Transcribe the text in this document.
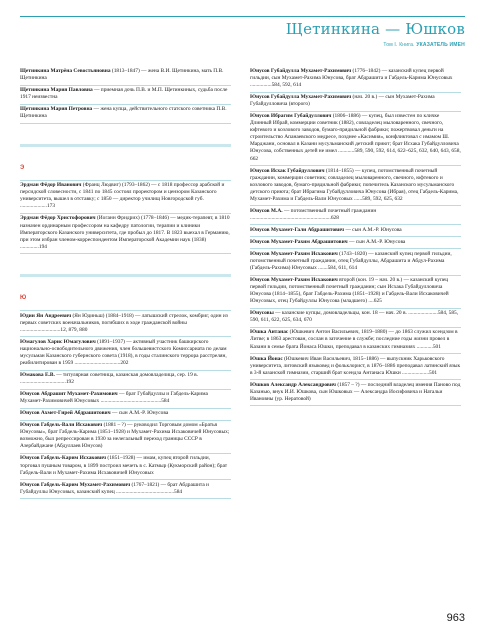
Щетинкина — Юшков
Том I. Книга. УКАЗАТЕЛЬ ИМЕН
Щетинкина Матрёна Севостьяновна (1813–1847) — жена В.И. Щетинкина, мать П.В. Щетинкина
Щетинкина Мария Павловна — приемная дочь П.В. и М.П. Щетинкиных, судьба после 1917 неизвестна
Щетинкина Мария Петровна — жена купца, действительного статского советника П.В. Щетинкина
Э
Эрдман Фёдор Иванович (Франц Людвиг) (1793–1862) — с 1818 профессор арабской и персидской словесности, с 1841 по 1845 состоял проректором и цензором Казанского университета, вышел в отставку; с 1850 — директор училищ Новгородской губ. ....................173
Эрдман Фёдор Христофорович (Иоганн Фридрих) (1778–1846) — медик-терапевт, в 1810 назначен ординарным профессором на кафедру патологии, терапии и клиники Императорского Казанского университета, где пробыл до 1817. В 1823 выехал в Германию, при этом избран членом-корреспондентом Императорской Академии наук (1838) ..............194
Ю
Юдин Ян Андреевич (Ян Юдиньш) (1884–1918) — латышский стрелок, комбриг, один из первых советских военачальников, погибших в ходе гражданской войны ..............................12, 879, 880
Юмагулов Харис Юмагулович (1891–1937) — активный участник башкирского национально-освободительного движения, член большевистского Комиссариата по делам мусульман Казанского губернского совета (1918), в годы сталинского террора расстрелян, реабилитирован в 1959 ..................................202
Юмакова Е.В. — титулярная советница, казанская домовладелица, сер. 19 в. ..................................192
Юнусов Абдрашит Мухамет-Рахимович — брат Губайдуллы и Габдель-Карима Мухамет-Рахимовичей Юнусовых .............................................584
Юнусов Ахмет-Гирей Абдрашитович — сын А.М.-Р. Юнусова
Юнусов Габдель-Вали Исхакович (1881 – ?) — руководил Торговым домом «Братья Юнусовы», брат Габдель-Карима (1851–1928) и Мухамет-Рахима Исхаковичей Юнусовых; возможно, был репрессирован в 1930 за нелегальный переход границы СССР в Азербайджане (Абдуллаев Юнусов)
Юнусов Габдель-Карим Исхакович (1851–1928) — имам, купец второй гильдии, торговал пушным товаром, в 1899 построил мечеть в с. Катмыр (Кукморский район); брат Габдель-Вали и Мухамет-Рахима Исхаковичей Юнусовых
Юнусов Габдель-Карим Мухамет-Рахимович (1767–1821) — брат Абдрашита и Губайдуллы Юнусовых, казанский купец ...........................................584
Юнусов Губайдулла Мухамет-Рахимович (1776–1842) — казанский купец первой гильдии, сын Мухамет-Рахима Юнусова, брат Абдрашита и Габдель-Карима Юнусовых ................584, 592, 614
Юнусов Губайдулла Мухамет-Рахимович (нач. 20 в.) — сын Мухамет-Рахима Губайдулловича (второго)
Юнусов Ибрагим Губайдуллович (1806–1886) — купец, был известен по кличке Длинный Ибрай, коммерции советник (1882), совладелец мыловаренного, свечного, юфтевого и козлового заводов, бумаго-прядильной фабрики; пожертвовал деньги на строительство Апанаевского медресе, позднее «Касимия», конфликтовал с имамом Ш. Марджани, основал в Казани мусульманский детский приют; брат Исхака Губайдулловича Юнусова, собственных детей не имел ............589, 590, 592, 614, 622–625, 632, 640, 643, 658, 662
Юнусов Исхак Губайдуллович (1814–1855) — купец, потомственный почетный гражданин, коммерции советник; совладелец мыловаренного, свечного, юфтевого и козлового заводов, бумаго-прядильной фабрики; попечитель Казанского мусульманского детского приюта; брат Ибрагима Губайдулловича Юнусова (Ибрая), отец Габдель-Карима, Мухамет-Рахима и Габдель-Вали Юнусовых ......589, 592, 625, 632
Юнусов М.А. — потомственный почетный гражданин ............................................................628
Юнусов Мухамет-Гали Абдрашитович — сын А.М.-Р. Юнусова
Юнусов Мухамет-Рахим Абдрашитович — сын А.М.-Р. Юнусова
Юнусов Мухамет-Рахим Исхакович (1743–1820) — казанский купец первой гильдии, потомственный почетный гражданин, отец Губайдуллы, Абдрашита и Абдул-Рахима (Габдель-Рахима) Юнусовых .......584, 611, 614
Юнусов Мухамет-Рахим Исхакович второй (кон. 19 – нач. 20 в.) — казанский купец первой гильдии, потомственный почетный гражданин; сын Исхака Губайдулловича Юнусова (1814–1855), брат Габдель-Рахима (1851–1928) и Габдель-Вали Исхаковичей Юнусовых, отец Губайдуллы Юнусова (младшего) ....625
Юнусовы — казанские купцы, домовладельцы, кон. 18 — нач. 20 в. ......................584, 585, 590, 611, 622, 625, 634, 670
Юшка Антанас (Юшкевич Антон Васильевич, 1819–1880) — до 1863 служил ксендзом в Литве; в 1863 арестован, сослан в заточение в службе; последние годы жизни провел в Казани в семье брата Йонаса Юшки, преподавал в казанских гимназиях ............501
Юшка Йонас (Юшкевич Иван Васильевич, 1815–1886) — выпускник Харьковского университета, литовский языковед и фольклорист, в 1876–1886 преподавал латинский язык в 3-й казанской гимназии, старший брат ксендза Антанаса Юшки ....................501
Юшков Александр Александрович (1857 – ?) — последний владелец имения Паново под Казанью, внук И.И. Юшкова, сын Юшковых — Александра Иосифовича и Натальи Ивановны (ур. Нератовой)
963
